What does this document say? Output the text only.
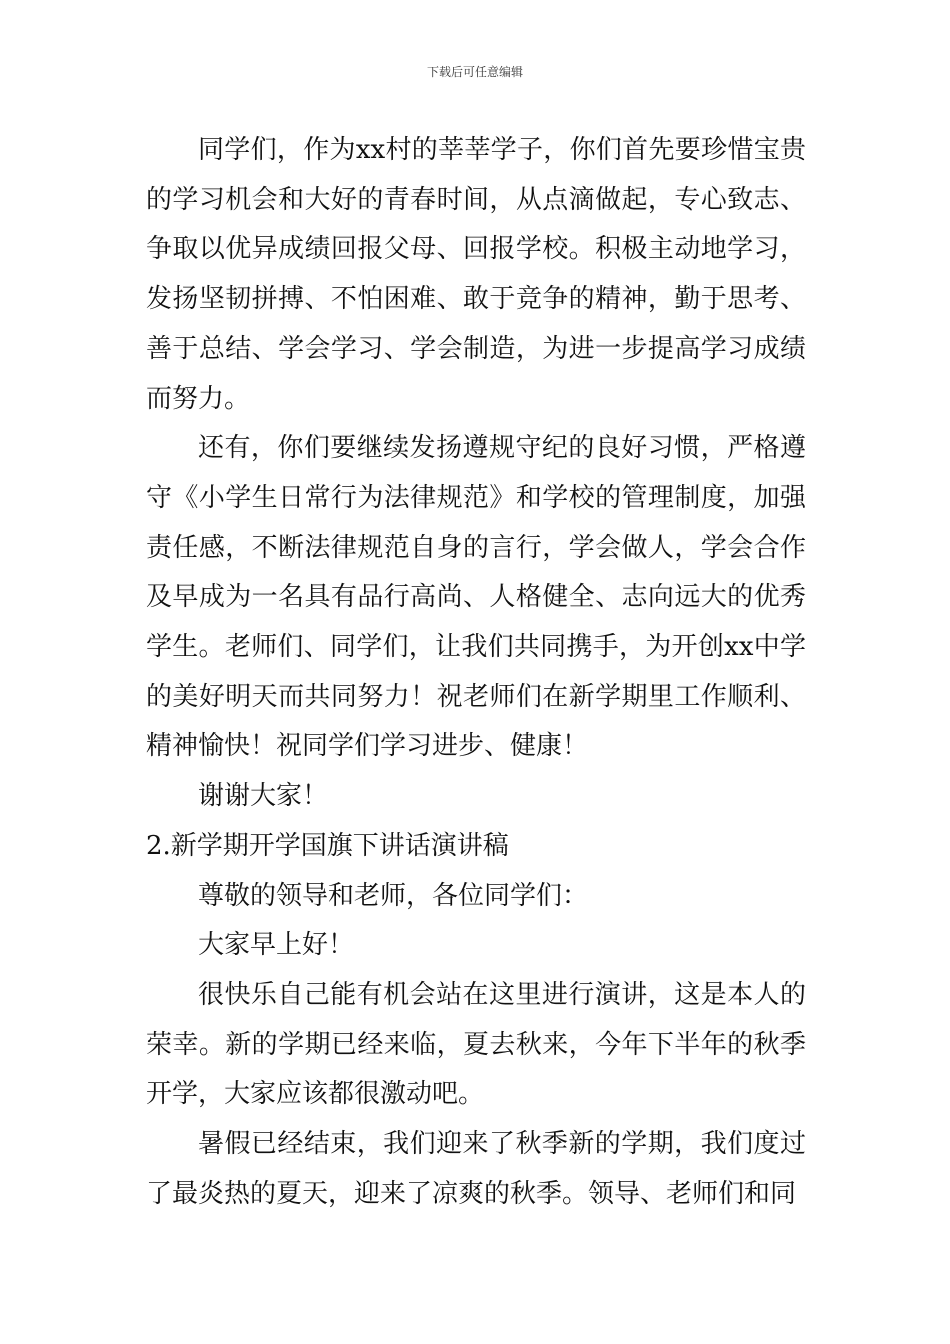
下载后可任意编辑

同学们，作为xx村的莘莘学子，你们首先要珍惜宝贵的学习机会和大好的青春时间，从点滴做起，专心致志、争取以优异成绩回报父母、回报学校。积极主动地学习，发扬坚韧拼搏、不怕困难、敢于竞争的精神，勤于思考、善于总结、学会学习、学会制造，为进一步提高学习成绩而努力。

还有，你们要继续发扬遵规守纪的良好习惯，严格遵守《小学生日常行为法律规范》和学校的管理制度，加强责任感，不断法律规范自身的言行，学会做人，学会合作及早成为一名具有品行高尚、人格健全、志向远大的优秀学生。老师们、同学们，让我们共同携手，为开创xx中学的美好明天而共同努力！祝老师们在新学期里工作顺利、精神愉快！祝同学们学习进步、健康！

谢谢大家！

2.新学期开学国旗下讲话演讲稿

尊敬的领导和老师，各位同学们：

大家早上好！

很快乐自己能有机会站在这里进行演讲，这是本人的荣幸。新的学期已经来临，夏去秋来，今年下半年的秋季开学，大家应该都很激动吧。

暑假已经结束，我们迎来了秋季新的学期，我们度过了最炎热的夏天，迎来了凉爽的秋季。领导、老师们和同
